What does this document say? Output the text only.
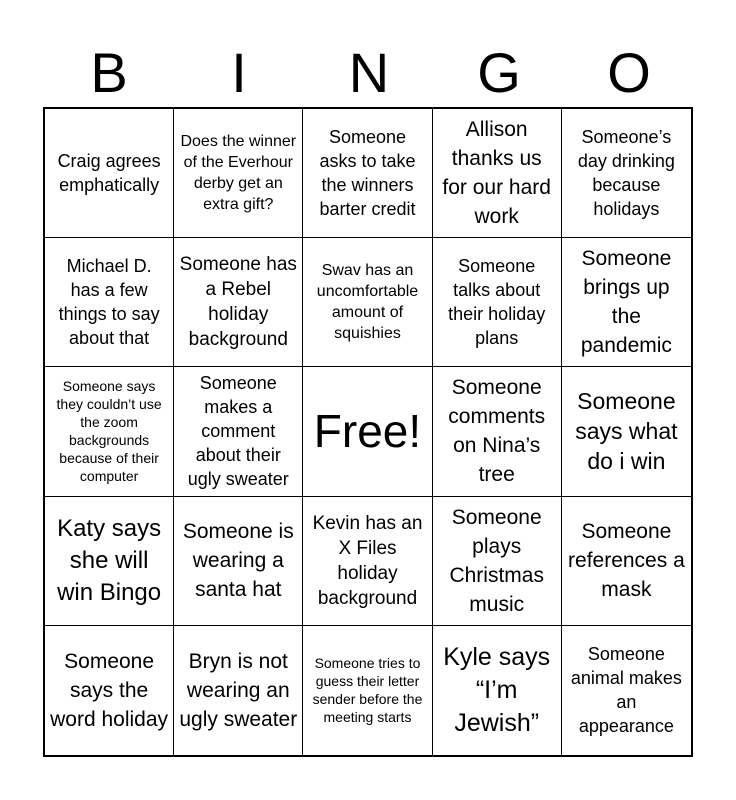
B	I	N	G	O
Craig agrees emphatically
Does the winner of the Everhour derby get an extra gift?
Someone asks to take the winners barter credit
Allison thanks us for our hard work
Someone’s day drinking because holidays
Michael D. has a few things to say about that
Someone has a Rebel holiday background
Swav has an uncomfortable amount of squishies
Someone talks about their holiday plans
Someone brings up the pandemic
Someone says they couldn’t use the zoom backgrounds because of their computer
Someone makes a comment about their ugly sweater
Free!
Someone comments on Nina’s tree
Someone says what do i win
Katy says she will win Bingo
Someone is wearing a santa hat
Kevin has an X Files holiday background
Someone plays Christmas music
Someone references a mask
Someone says the word holiday
Bryn is not wearing an ugly sweater
Someone tries to guess their letter sender before the meeting starts
Kyle says “I’m Jewish”
Someone animal makes an appearance
